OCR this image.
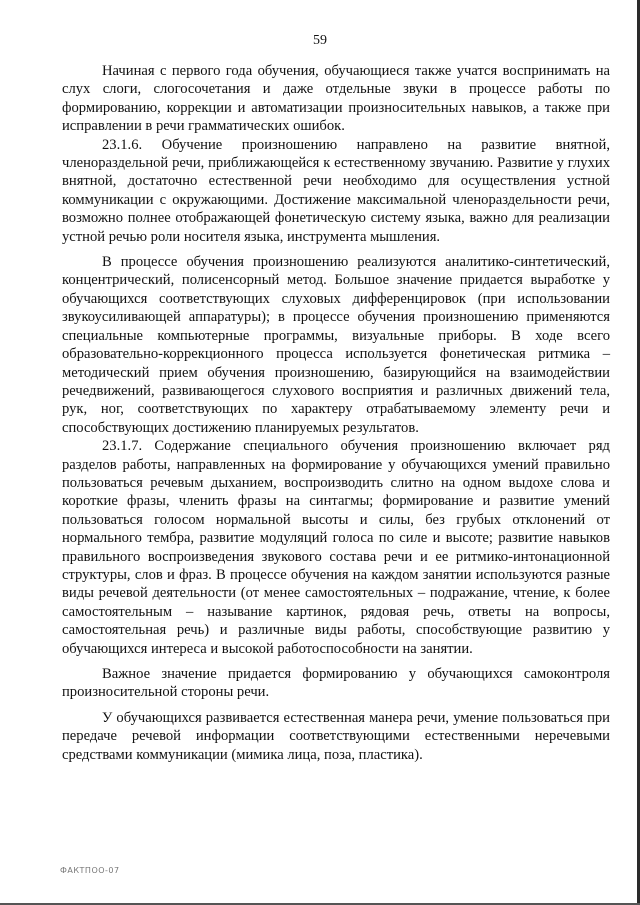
59

Начиная с первого года обучения, обучающиеся также учатся воспринимать на слух слоги, слогосочетания и даже отдельные звуки в процессе работы по формированию, коррекции и автоматизации произносительных навыков, а также при исправлении в речи грамматических ошибок.

23.1.6. Обучение произношению направлено на развитие внятной, членораздельной речи, приближающейся к естественному звучанию. Развитие у глухих внятной, достаточно естественной речи необходимо для осуществления устной коммуникации с окружающими. Достижение максимальной членораздельности речи, возможно полнее отображающей фонетическую систему языка, важно для реализации устной речью роли носителя языка, инструмента мышления.

В процессе обучения произношению реализуются аналитико-синтетический, концентрический, полисенсорный метод. Большое значение придается выработке у обучающихся соответствующих слуховых дифференцировок (при использовании звукоусиливающей аппаратуры); в процессе обучения произношению применяются специальные компьютерные программы, визуальные приборы. В ходе всего образовательно-коррекционного процесса используется фонетическая ритмика – методический прием обучения произношению, базирующийся на взаимодействии речедвижений, развивающегося слухового восприятия и различных движений тела, рук, ног, соответствующих по характеру отрабатываемому элементу речи и способствующих достижению планируемых результатов.

23.1.7. Содержание специального обучения произношению включает ряд разделов работы, направленных на формирование у обучающихся умений правильно пользоваться речевым дыханием, воспроизводить слитно на одном выдохе слова и короткие фразы, членить фразы на синтагмы; формирование и развитие умений пользоваться голосом нормальной высоты и силы, без грубых отклонений от нормального тембра, развитие модуляций голоса по силе и высоте; развитие навыков правильного воспроизведения звукового состава речи и ее ритмико-интонационной структуры, слов и фраз. В процессе обучения на каждом занятии используются разные виды речевой деятельности (от менее самостоятельных – подражание, чтение, к более самостоятельным – называние картинок, рядовая речь, ответы на вопросы, самостоятельная речь) и различные виды работы, способствующие развитию у обучающихся интереса и высокой работоспособности на занятии.

Важное значение придается формированию у обучающихся самоконтроля произносительной стороны речи.

У обучающихся развивается естественная манера речи, умение пользоваться при передаче речевой информации соответствующими естественными неречевыми средствами коммуникации (мимика лица, поза, пластика).

ФАКТПОО-07
